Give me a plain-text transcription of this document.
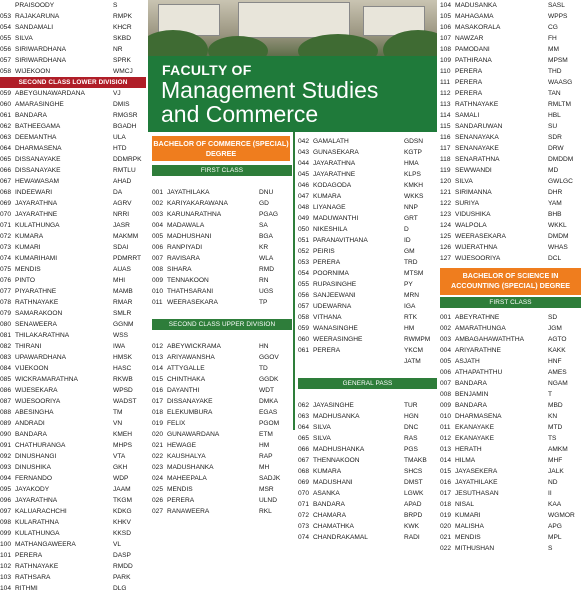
PRAISOODY	S
053 RAJAKARUNA	RMPK
054 SANDAMALI	KHCR
055 SILVA	SKBD
056 SIRIWARDHANA	NR
057 SIRIWARDHANA	SPRK
058 WIJEKOON	WMCJ
SECOND CLASS LOWER DIVISION
059 ABEYGUNAWARDANA	VJ
060 AMARASINGHE	DMIS
061 BANDARA	RMGSR
062 BATHEEGAMA	BGADH
063 DEEMANTHA	ULA
064 DHARMASENA	HTD
065 DISSANAYAKE	DDMRPK
066 DISSANAYAKE	RMTLU
067 HEWAWASAM	AHAD
068 INDEEWARI	DA
069 JAYARATHNA	AGRV
070 JAYARATHNE	NRRI
071 KULATHUNGA	JASR
072 KUMARA	MAKMM
073 KUMARI	SDAI
074 KUMARIHAMI	PDMRRT
075 MENDIS	AUAS
076 PINTO	MHI
077 PIYARATHNE	MAMB
078 RATHNAYAKE	RMAR
079 SAMARAKOON	SMLR
080 SENAWEERA	GGNM
081 THILAKARATHNA	WSS
082 THIRANI	IWA
083 UPAWARDHANA	HMSK
084 VIJEKOON	HASC
085 WICKRAMARATHNA	RKWB
086 WIJESEKARA	WPSD
087 WIJESOORIYA	WADST
088 ABESINGHA	TM
089 ANDRADI	VN
090 BANDARA	KMEH
091 CHATHURANGA	MHPS
092 DINUSHANGI	VTA
093 DINUSHIKA	GKH
094 FERNANDO	WDP
095 JAYAKODY	JAAM
096 JAYARATHNA	TKGM
097 KALUARACHCHI	KDKG
098 KULARATHNA	KHKV
099 KULATHUNGA	KKSD
100 MATHANGAWEERA	VL
101 PERERA	DASP
102 RATHNAYAKE	RMDD
103 RATHSARA	PARK
104 RITHMI	DLG
FACULTY OF
Management Studies
and Commerce
BACHELOR OF COMMERCE (SPECIAL) DEGREE
FIRST CLASS
001 JAYATHILAKA	DNU
002 KARIYAKARAWANA	GD
003 KARUNARATHNA	PGAG
004 MADAWALA	SA
005 MADHUSHANI	BGA
006 RANPIYADI	KR
007 RAVISARA	WLA
008 SIHARA	RMD
009 TENNAKOON	RN
010 THATHSARANI	UGS
011 WEERASEKARA	TP
SECOND CLASS UPPER DIVISION
012 ABEYWICKRAMA	HN
013 ARIYAWANSHA	GGOV
014 ATTYGALLE	TD
015 CHINTHAKA	GGDK
016 DAYANTHI	WDT
017 DISSANAYAKE	DMKA
018 ELEKUMBURA	EGAS
019 FELIX	PGOM
020 GUNAWARDANA	ETM
021 HEWAGE	HM
022 KAUSHALYA	RAP
023 MADUSHANKA	MH
024 MAHEEPALA	SADJK
025 MENDIS	MSR
026 PERERA	ULND
027 RANAWEERA	RKL
042 GAMALATH	GDSN
043 GUNASEKARA	KGTP
044 JAYARATHNA	HMA
045 JAYARATHNE	KLPS
046 KODAGODA	KMKH
047 KUMARA	WKKS
048 LIYANAGE	NNP
049 MADUWANTHI	GRT
050 NIKESHILA	D
051 PARANAVITHANA	ID
052 PEIRIS	GM
053 PERERA	TRD
054 POORNIMA	MTSM
055 RUPASINGHE	PY
056 SANJEEWANI	MRN
057 UDEWARNA	IGA
058 VITHANA	RTK
059 WANASINGHE	HM
060 WEERASINGHE	RWMPM
061 PERERA	YKCM
JATM
GENERAL PASS
062 JAYASINGHE	TUR
063 MADHUSANKA	HGN
064 SILVA	DNC
065 SILVA	RAS
066 MADHUSHANKA	PGS
067 THENNAKOON	TMAKB
068 KUMARA	SHCS
069 MADUSHANI	DMST
070 ASANKA	LGWK
071 BANDARA	APAD
072 CHAMARA	BRPD
073 CHAMATHKA	KWK
074 CHANDRAKAMAL	RADI
104 MADUSANKA	SASL
105 MAHAGAMA	WPPS
106 MASAKORALA	CG
107 NAWZAR	FH
108 PAMODANI	MM
109 PATHIRANA	MPSM
110 PERERA	THD
111 PERERA	WAASG
112 PERERA	TAN
113 RATHNAYAKE	RMLTM
114 SAMALI	HBL
115 SANDARUWAN	SU
116 SENANAYAKA	SDR
117 SENANAYAKE	DRW
118 SENARATHNA	DMDDM
119 SEWWANDI	MD
120 SILVA	GWLGC
121 SIRIMANNA	DHR
122 SURIYA	YAM
123 VIDUSHIKA	BHB
124 WALPOLA	WKKL
125 WEERASEKARA	DMDM
126 WIJERATHNA	WHAS
127 WIJESOORIYA	DCL
BACHELOR OF SCIENCE IN ACCOUNTING (SPECIAL) DEGREE
FIRST CLASS
001 ABEYRATHNE	SD
002 AMARATHUNGA	JGM
003 AMBAGAHAWATHTHA	AGTO
004 ARIYARATHNE	KAKK
005 ASJATH	HNF
006 ATHAPATHTHU	AMES
007 BANDARA	NGAM
008 BENJAMIN	T
009 BANDARA	MBD
010 DHARMASENA	KN
011 EKANAYAKE	MTD
012 EKANAYAKE	TS
013 HERATH	AMKM
014 HILMA	MHF
015 JAYASEKERA	JALK
016 JAYATHILAKE	ND
017 JESUTHASAN	II
018 NISAL	KAA
019 KUMARI	WGMOR
020 MALISHA	APG
021 MENDIS	MPL
022 MITHUSHAN	S
